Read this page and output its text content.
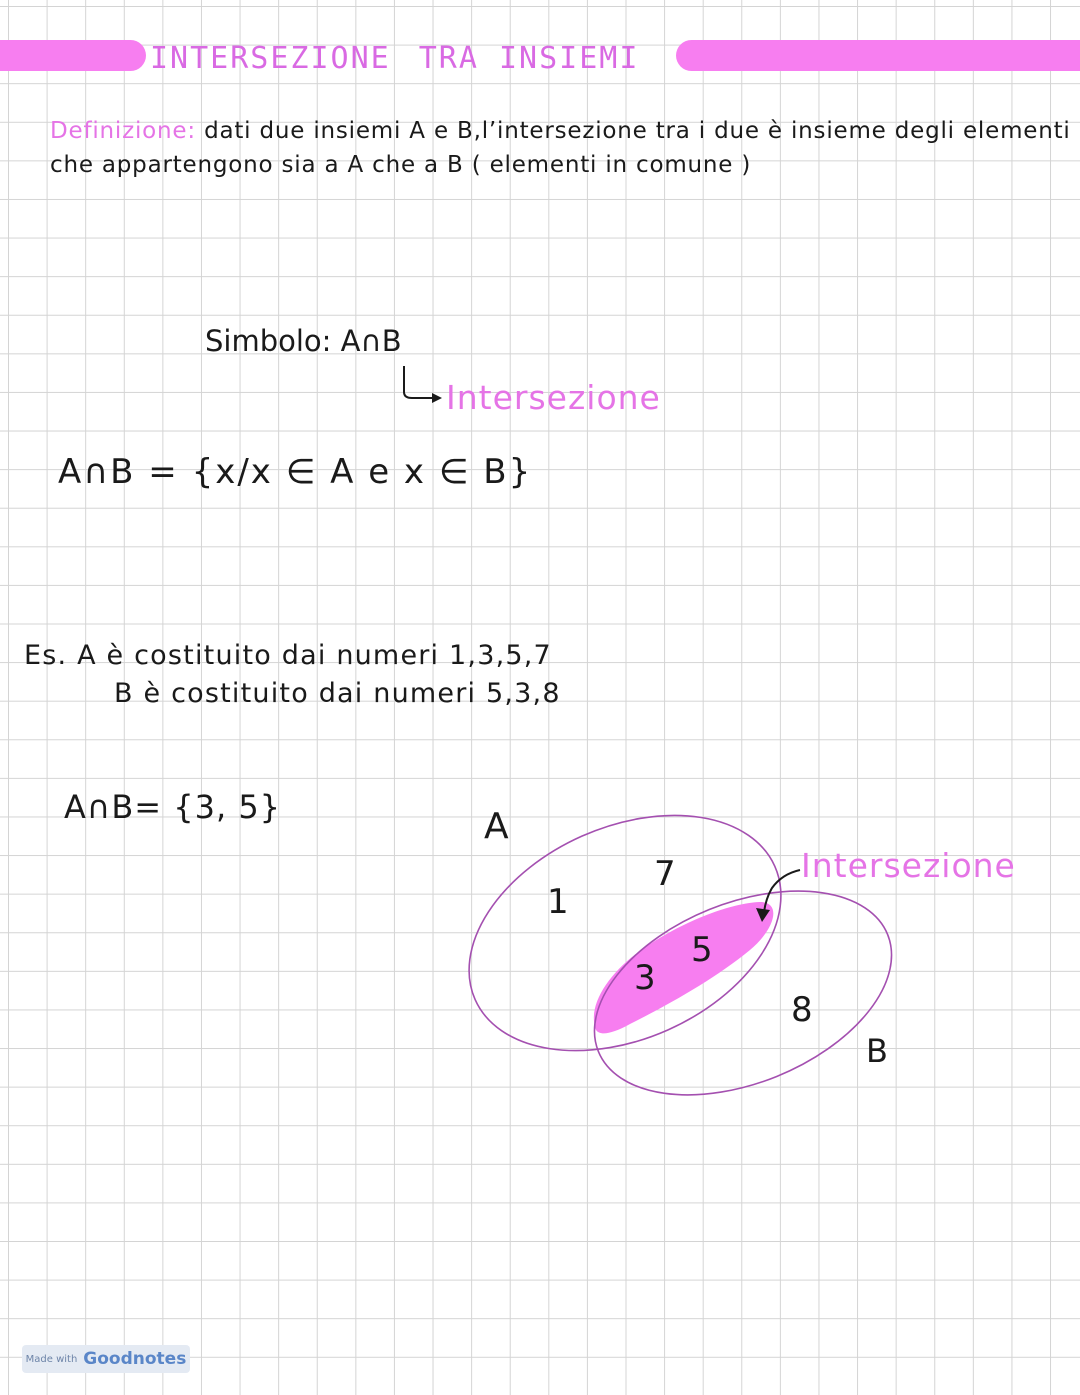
INTERSEZIONE TRA INSIEMI
Definizione: dati due insiemi A e B,l’intersezione tra i due è insieme degli elementi che appartengono sia a A che a B ( elementi in comune )
Simbolo: A∩B
Intersezione
A∩B = {x/x ∈ A e x ∈ B}
Es. A è costituito dai numeri 1,3,5,7
B è costituito dai numeri 5,3,8
A∩B= {3, 5}	A
B
1
7
3
5
8
Intersezione
Made with Goodnotes
